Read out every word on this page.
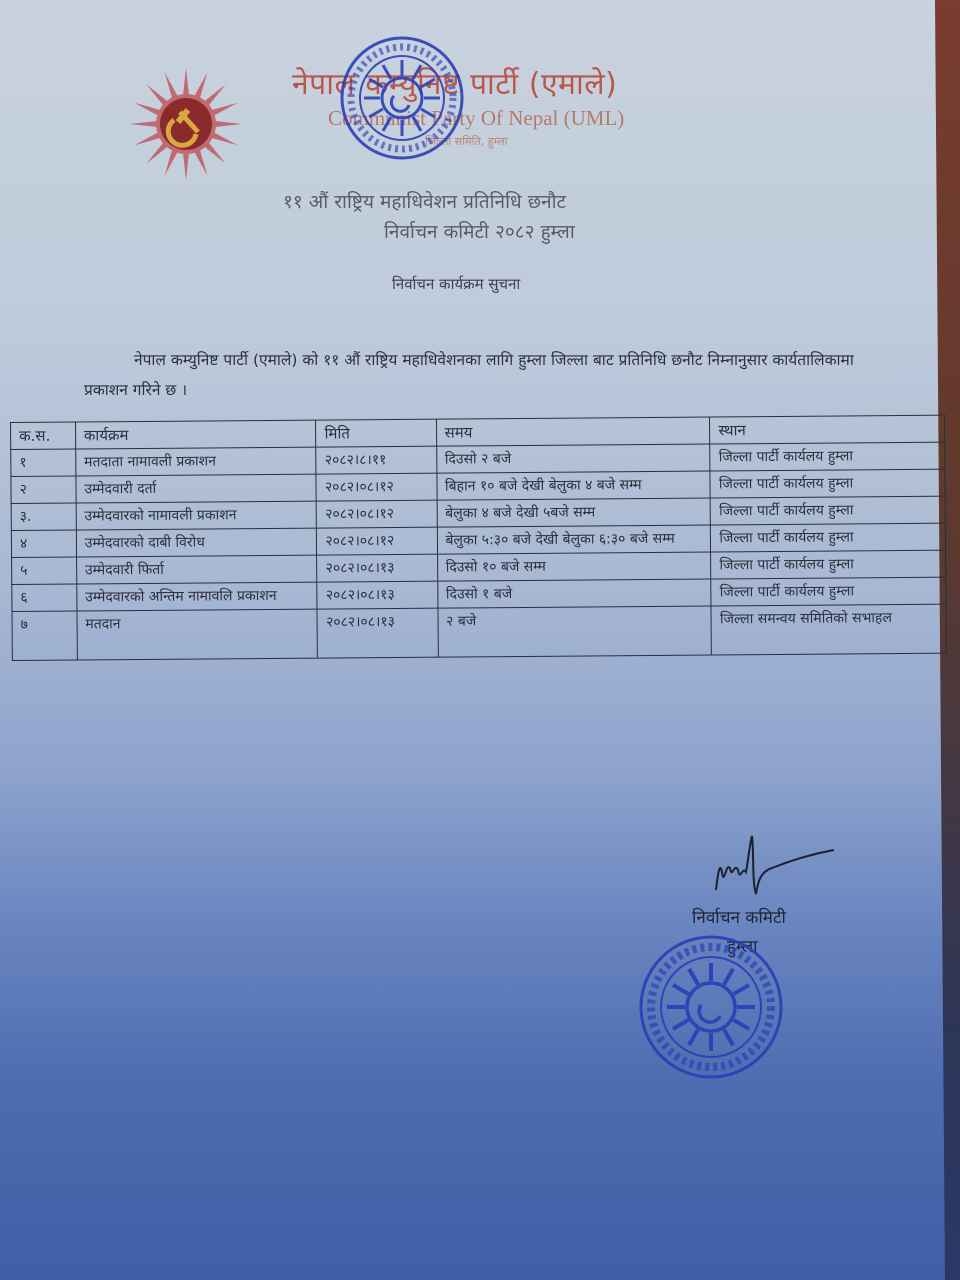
नेपाल कम्युनिष्ट पार्टी (एमाले)
Communist Party Of Nepal (UML)
जिल्ला समिति, हुम्ला
११ औं राष्ट्रिय महाधिवेशन प्रतिनिधि छनौट
निर्वाचन कमिटी २०८२ हुम्ला
निर्वाचन कार्यक्रम सुचना
नेपाल कम्युनिष्ट पार्टी (एमाले) को ११ औं राष्ट्रिय महाधिवेशनका लागि हुम्ला जिल्ला बाट प्रतिनिधि छनौट निम्नानुसार कार्यतालिकामा प्रकाशन गरिने छ ।
क.स.	कार्यक्रम	मिति	समय	स्थान
१	मतदाता नामावली प्रकाशन	२०८२।८।११	दिउसो २ बजे	जिल्ला पार्टी कार्यलय हुम्ला
२	उम्मेदवारी दर्ता	२०८२।०८।१२	बिहान १० बजे देखी बेलुका ४ बजे सम्म	जिल्ला पार्टी कार्यलय हुम्ला
३.	उम्मेदवारको नामावली प्रकाशन	२०८२।०८।१२	बेलुका ४ बजे देखी ५बजे सम्म	जिल्ला पार्टी कार्यलय हुम्ला
४	उम्मेदवारको दाबी विरोध	२०८२।०८।१२	बेलुका ५:३० बजे देखी बेलुका ६:३० बजे सम्म	जिल्ला पार्टी कार्यलय हुम्ला
५	उम्मेदवारी फिर्ता	२०८२।०८।१३	दिउसो १० बजे सम्म	जिल्ला पार्टी कार्यलय हुम्ला
६	उम्मेदवारको अन्तिम नामावलि प्रकाशन	२०८२।०८।१३	दिउसो १ बजे	जिल्ला पार्टी कार्यलय हुम्ला
७	मतदान	२०८२।०८।१३	२ बजे	जिल्ला समन्वय समितिको सभाहल
निर्वाचन कमिटी
हुम्ला
